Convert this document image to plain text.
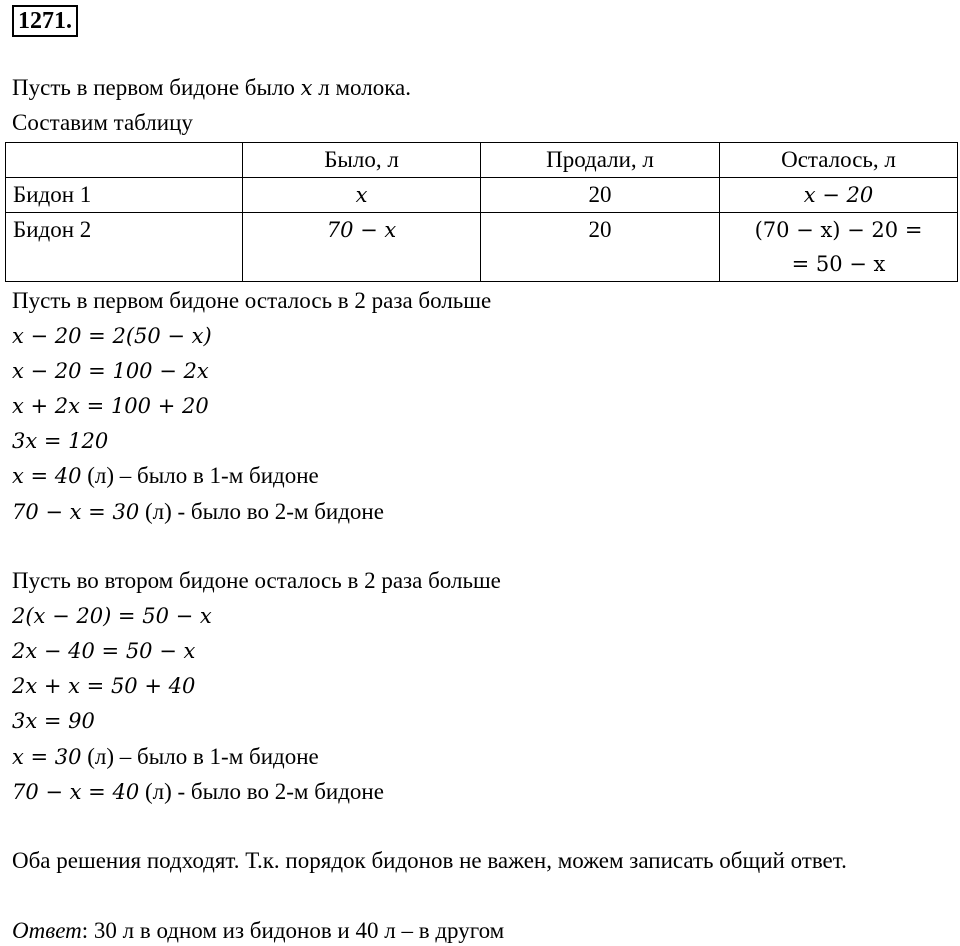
1271.
Пусть в первом бидоне было x л молока.
Составим таблицу
	Было, л	Продали, л	Осталось, л
Бидон 1	x	20	x − 20
Бидон 2	70 − x	20	(70 − x) − 20 =
= 50 − x
Пусть в первом бидоне осталось в 2 раза больше
x − 20 = 2(50 − x)
x − 20 = 100 − 2x
x + 2x = 100 + 20
3x = 120
x = 40 (л) – было в 1-м бидоне
70 − x = 30 (л) - было во 2-м бидоне
Пусть во втором бидоне осталось в 2 раза больше
2(x − 20) = 50 − x
2x − 40 = 50 − x
2x + x = 50 + 40
3x = 90
x = 30 (л) – было в 1-м бидоне
70 − x = 40 (л) - было во 2-м бидоне
Оба решения подходят. Т.к. порядок бидонов не важен, можем записать общий ответ.
Ответ: 30 л в одном из бидонов и 40 л – в другом
